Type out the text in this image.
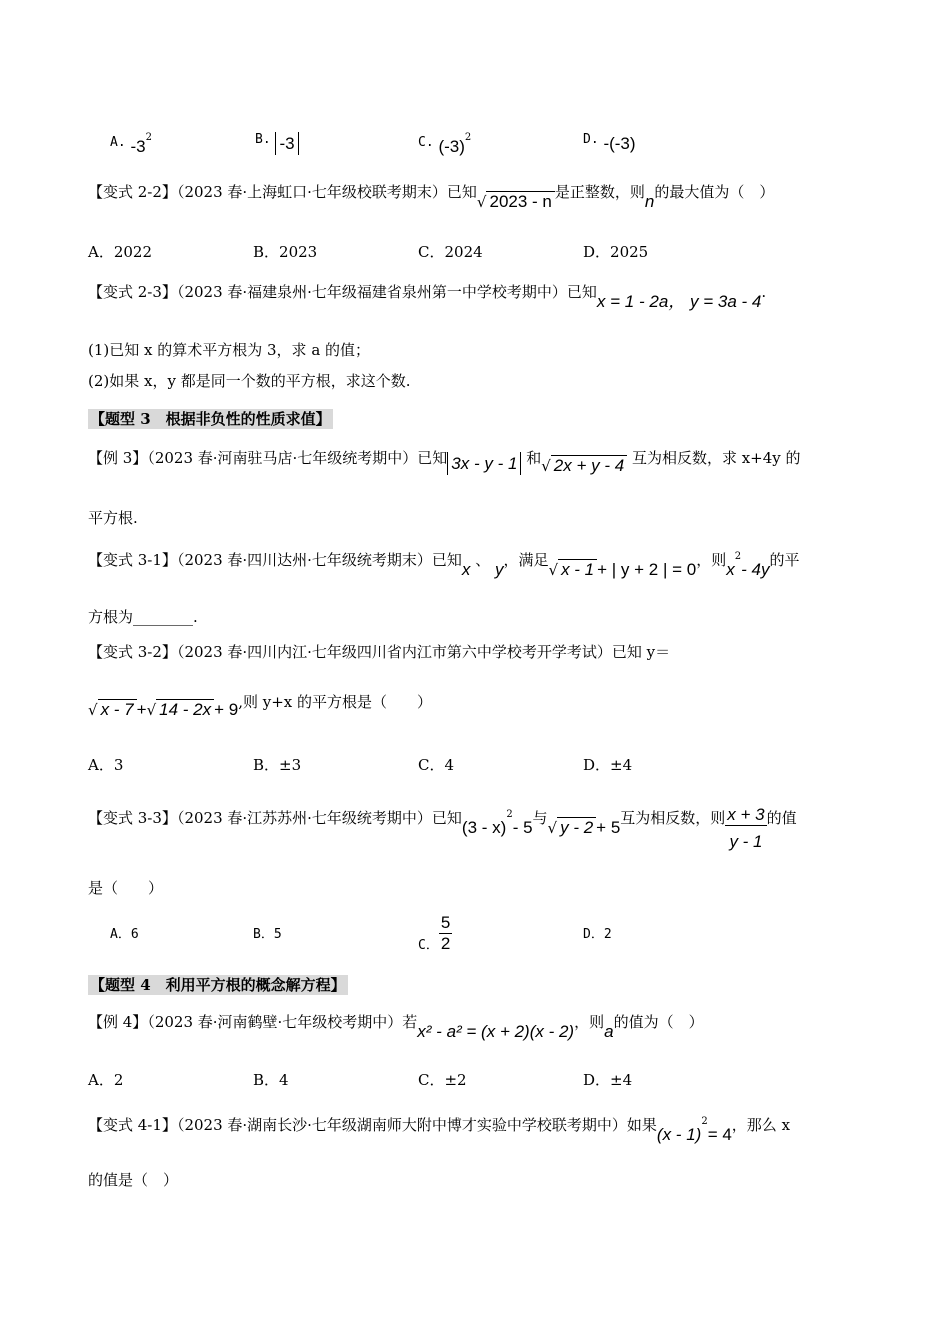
A. $-3^2$	B. -3	C. $(-3)^2$	D. -(-3)
【变式 2-2】（2023 春·上海虹口·七年级校联考期末）已知√ 2023 - n 是正整数，则n的最大值为（　）
A．2022	B．2023	C．2024	D．2025
【变式 2-3】（2023 春·福建泉州·七年级福建省泉州第一中学校考期中）已知x = 1 - 2a， y = 3a - 4.
(1)已知 x 的算术平方根为 3，求 a 的值；
(2)如果 x，y 都是同一个数的平方根，求这个数.
【题型 3　根据非负性的性质求值】
【例 3】（2023 春·河南驻马店·七年级统考期中）已知 3x - y - 1 和√ 2x + y - 4 互为相反数，求 x+4y 的
平方根.
【变式 3-1】（2023 春·四川达州·七年级统考期末）已知x 、 y，满足√ x - 1 + | y + 2 | = 0，则$x^2-$ 4y的平
方根为________.
【变式 3-2】（2023 春·四川内江·七年级四川省内江市第六中学校考开学考试）已知 y＝
√ x - 7 +√ 14 - 2x + 9,则 y+x 的平方根是（　　）
A．3	B．±3	C．4	D．±4
【变式 3-3】（2023 春·江苏苏州·七年级统考期中）已知(3 - x)$^2$- 5与√ y - 2 + 5互为相反数，则 $\frac{x + 3}{y - 1}$ 的值
是（　　）
A．6	B．5
C． $\frac{5}{2}$	D．2
【题型 4　利用平方根的概念解方程】
【例 4】（2023 春·河南鹤壁·七年级校考期中）若x² - a² = (x + 2)(x - 2)，则a的值为（　）
A．2	B．4	C．±2	D．±4
【变式 4-1】（2023 春·湖南长沙·七年级湖南师大附中博才实验中学校联考期中）如果(x - 1)$^2$= 4，那么 x
的值是（　）
